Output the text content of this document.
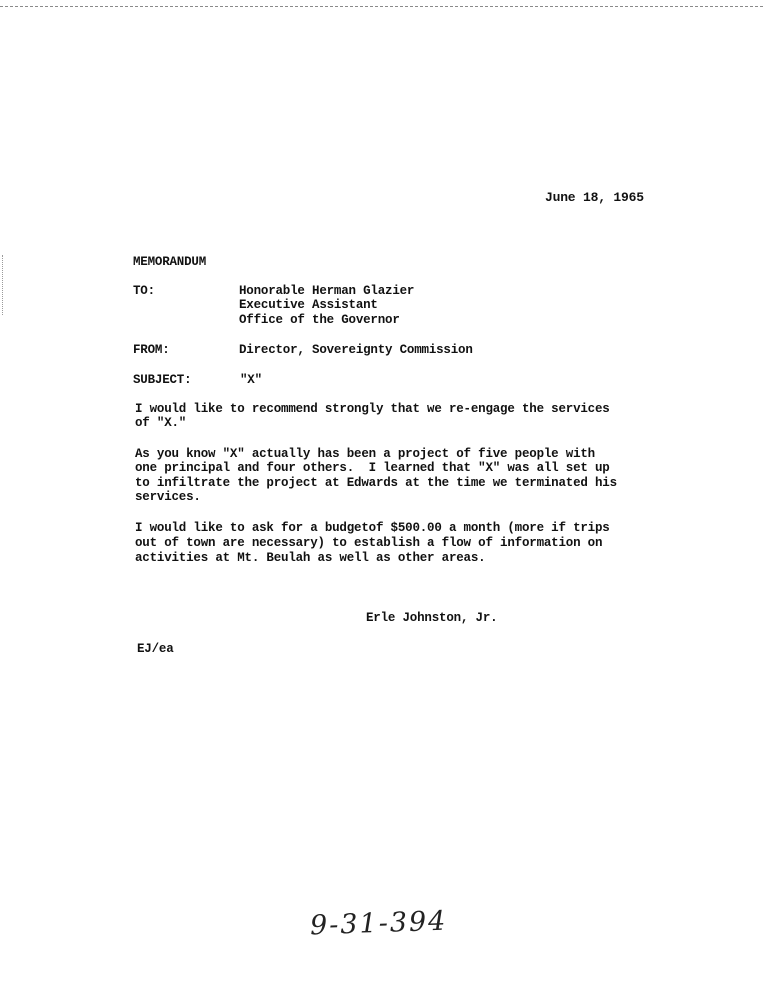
June 18, 1965
MEMORANDUM
TO:	Honorable Herman Glazier
Executive Assistant
Office of the Governor
FROM:	Director, Sovereignty Commission
SUBJECT:	"X"
I would like to recommend strongly that we re-engage the services
of "X."
As you know "X" actually has been a project of five people with
one principal and four others.  I learned that "X" was all set up
to infiltrate the project at Edwards at the time we terminated his
services.
I would like to ask for a budgetof $500.00 a month (more if trips
out of town are necessary) to establish a flow of information on
activities at Mt. Beulah as well as other areas.
Erle Johnston, Jr.
EJ/ea
9-31-394
